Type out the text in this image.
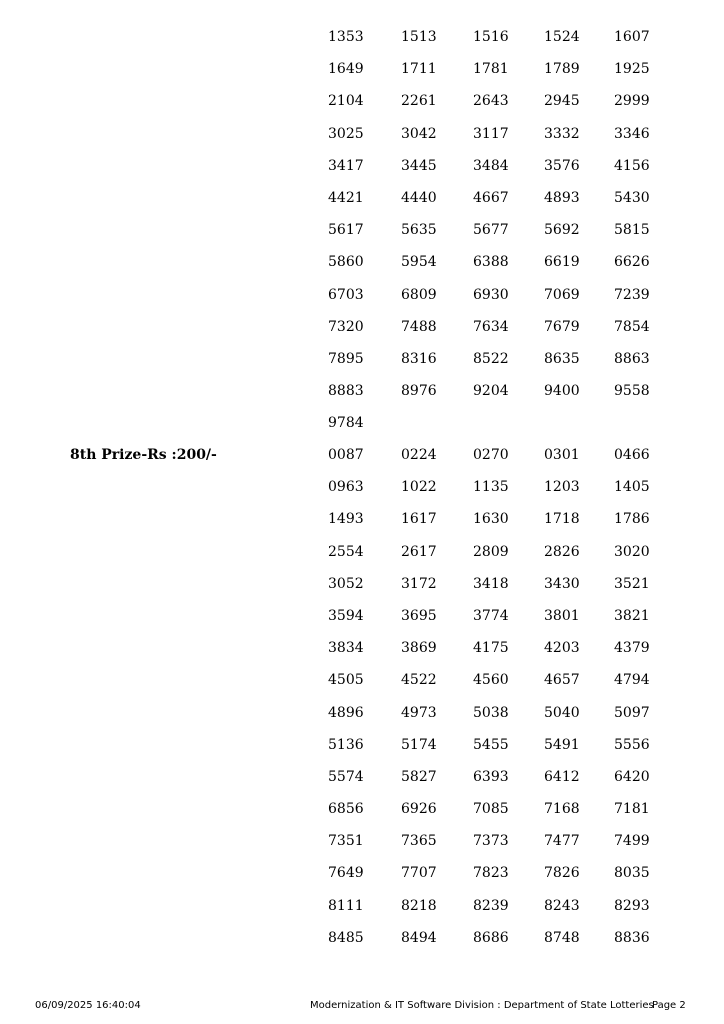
1353	1513	1516	1524 1607
1649	1711	1781	1789 1925
2104	2261	2643	2945 2999
3025	3042	3117	3332 3346
3417	3445	3484	3576 4156
4421	4440	4667	4893 5430
5617	5635	5677	5692 5815
5860	5954	6388	6619 6626
6703	6809	6930	7069 7239
7320	7488	7634	7679 7854
7895	8316	8522	8635 8863
8883	8976	9204	9400 9558
9784
8th Prize-Rs :200/-	0087	0224	0270	0301 0466
0963	1022	1135	1203 1405
1493	1617	1630	1718 1786
2554	2617	2809	2826 3020
3052	3172	3418	3430 3521
3594	3695	3774	3801 3821
3834	3869	4175	4203 4379
4505	4522	4560	4657 4794
4896	4973	5038	5040 5097
5136	5174	5455	5491 5556
5574	5827	6393	6412 6420
6856	6926	7085	7168 7181
7351	7365	7373	7477 7499
7649	7707	7823	7826 8035
8111	8218	8239	8243 8293
8485	8494	8686	8748 8836
06/09/2025 16:40:04	Modernization & IT Software Division : Department of State Lotteries
Page 2
